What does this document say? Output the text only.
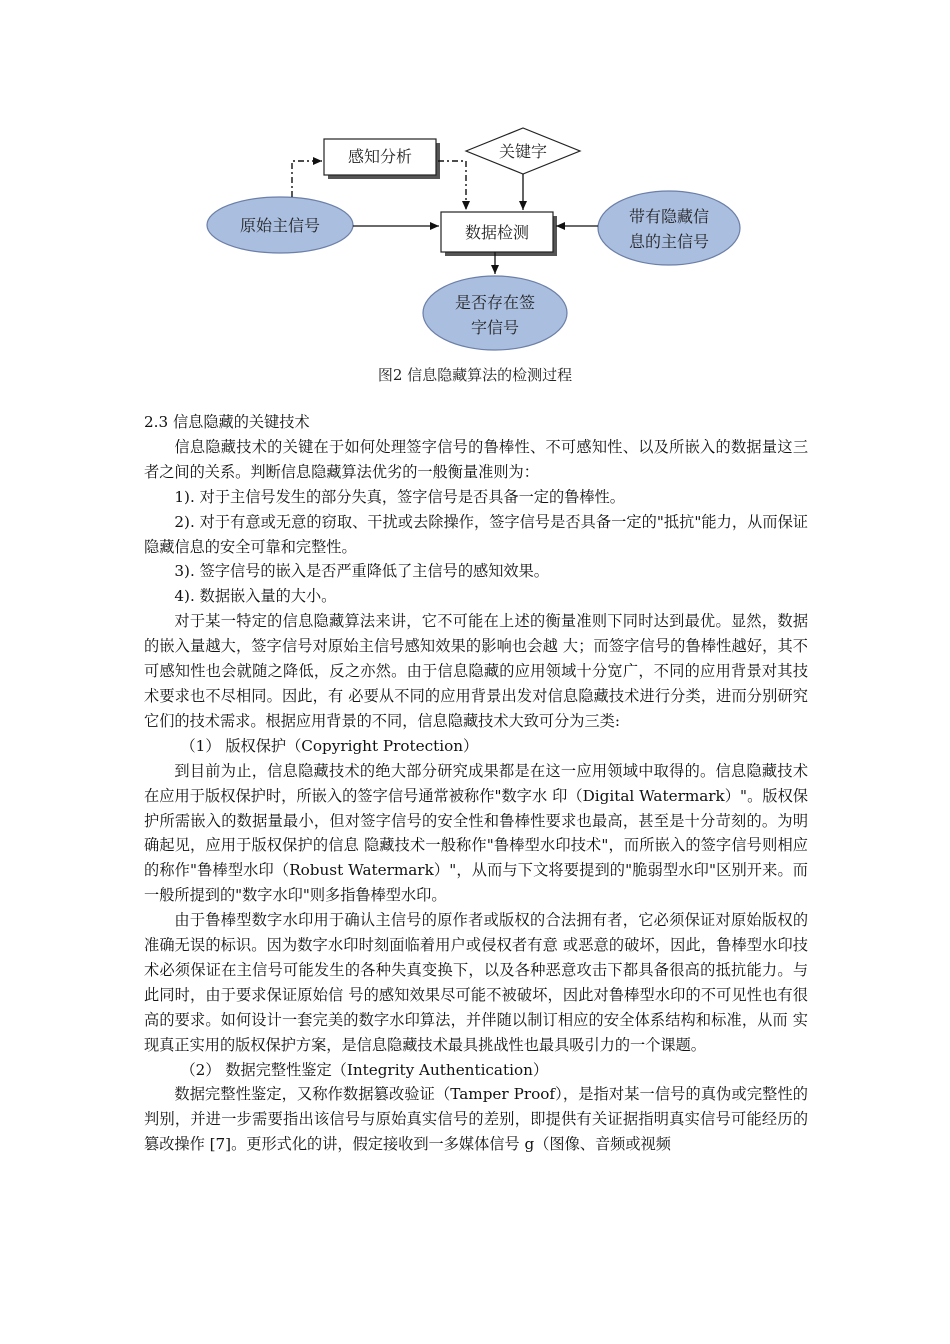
感知分析	关键字
原始主信号	数据检测
带有隐藏信
息的主信号
是否存在签
字信号
图2 信息隐藏算法的检测过程

2.3 信息隐藏的关键技术

信息隐藏技术的关键在于如何处理签字信号的鲁棒性、不可感知性、以及所嵌入的数据量这三者之间的关系。判断信息隐藏算法优劣的一般衡量准则为：

1). 对于主信号发生的部分失真，签字信号是否具备一定的鲁棒性。

2). 对于有意或无意的窃取、干扰或去除操作，签字信号是否具备一定的"抵抗"能力，从而保证隐藏信息的安全可靠和完整性。

3). 签字信号的嵌入是否严重降低了主信号的感知效果。

4). 数据嵌入量的大小。

对于某一特定的信息隐藏算法来讲，它不可能在上述的衡量准则下同时达到最优。显然，数据的嵌入量越大，签字信号对原始主信号感知效果的影响也会越 大；而签字信号的鲁棒性越好，其不可感知性也会就随之降低，反之亦然。由于信息隐藏的应用领域十分宽广，不同的应用背景对其技术要求也不尽相同。因此，有 必要从不同的应用背景出发对信息隐藏技术进行分类，进而分别研究它们的技术需求。根据应用背景的不同，信息隐藏技术大致可分为三类:

（1） 版权保护（Copyright Protection）

到目前为止，信息隐藏技术的绝大部分研究成果都是在这一应用领域中取得的。信息隐藏技术在应用于版权保护时，所嵌入的签字信号通常被称作"数字水 印（Digital Watermark）"。版权保护所需嵌入的数据量最小，但对签字信号的安全性和鲁棒性要求也最高，甚至是十分苛刻的。为明确起见，应用于版权保护的信息 隐藏技术一般称作"鲁棒型水印技术"，而所嵌入的签字信号则相应的称作"鲁棒型水印（Robust Watermark）"，从而与下文将要提到的"脆弱型水印"区别开来。而一般所提到的"数字水印"则多指鲁棒型水印。

由于鲁棒型数字水印用于确认主信号的原作者或版权的合法拥有者，它必须保证对原始版权的准确无误的标识。因为数字水印时刻面临着用户或侵权者有意 或恶意的破坏，因此，鲁棒型水印技术必须保证在主信号可能发生的各种失真变换下，以及各种恶意攻击下都具备很高的抵抗能力。与此同时，由于要求保证原始信 号的感知效果尽可能不被破坏，因此对鲁棒型水印的不可见性也有很高的要求。如何设计一套完美的数字水印算法，并伴随以制订相应的安全体系结构和标准，从而 实现真正实用的版权保护方案，是信息隐藏技术最具挑战性也最具吸引力的一个课题。

（2） 数据完整性鉴定（Integrity Authentication）

数据完整性鉴定，又称作数据篡改验证（Tamper Proof），是指对某一信号的真伪或完整性的判别，并进一步需要指出该信号与原始真实信号的差别，即提供有关证据指明真实信号可能经历的篡改操作 [7]。更形式化的讲，假定接收到一多媒体信号 g（图像、音频或视频
